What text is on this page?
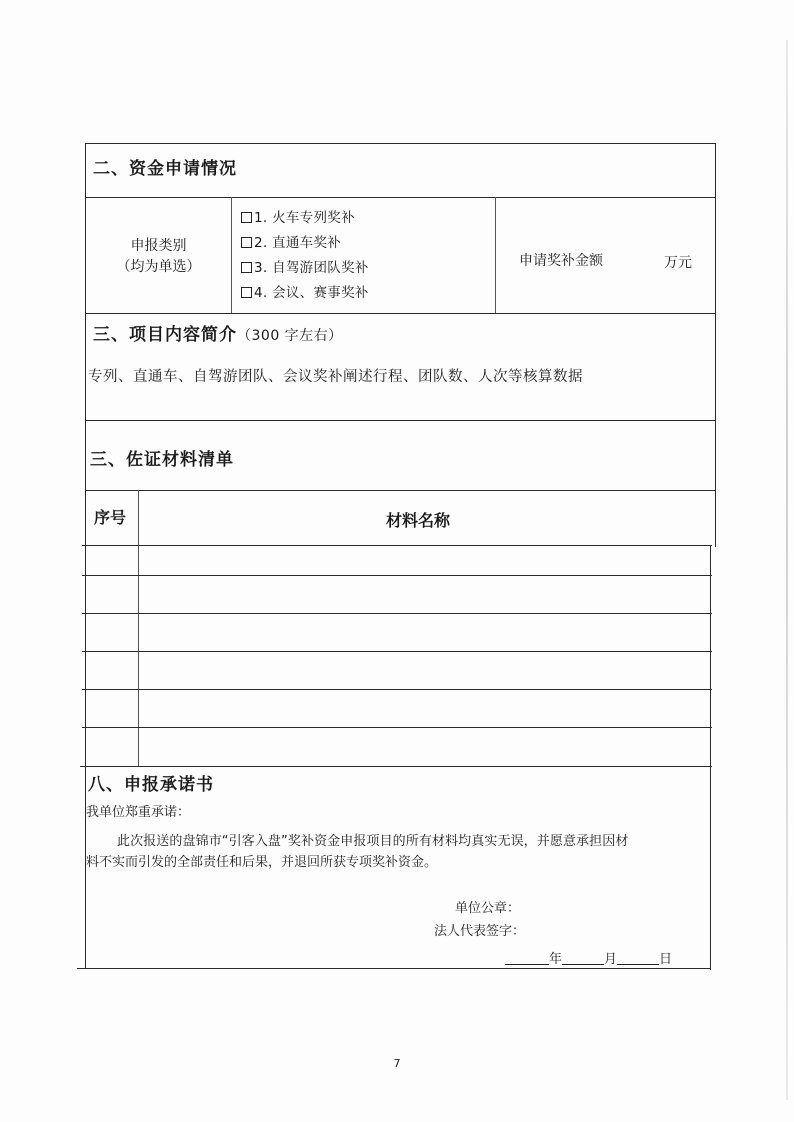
二、资金申请情况
申报类别
（均为单选）
1. 火车专列奖补
2. 直通车奖补
3. 自驾游团队奖补
4. 会议、赛事奖补
申请奖补金额	万元
三、项目内容简介（300 字左右）
专列、直通车、自驾游团队、会议奖补阐述行程、团队数、人次等核算数据
三、佐证材料清单
序号	材料名称
八、申报承诺书
我单位郑重承诺：
此次报送的盘锦市“引客入盘”奖补资金申报项目的所有材料均真实无误，并愿意承担因材
料不实而引发的全部责任和后果，并退回所获专项奖补资金。
单位公章：
法人代表签字：
年	月	日
7
